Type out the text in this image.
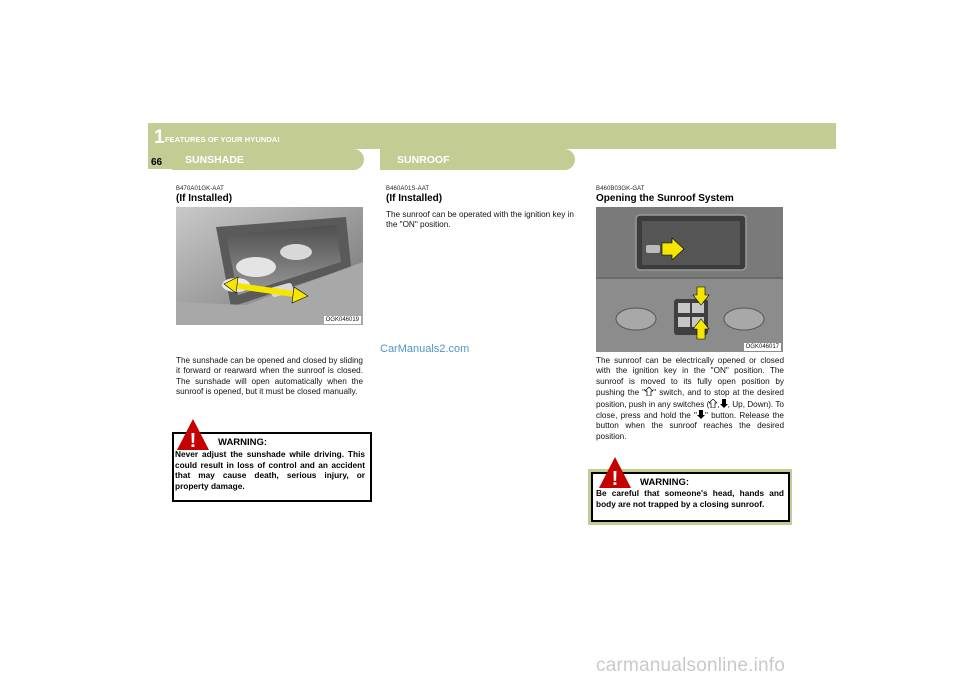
1 FEATURES OF YOUR HYUNDAI
66 SUNSHADE	SUNROOF
B470A01GK-AAT
(If Installed)
OGK046019
The sunshade can be opened and closed by sliding it forward or rearward when the sunroof is closed. The sunshade will open automatically when the sunroof is opened, but it must be closed manually.
! WARNING:
Never adjust the sunshade while driving. This could result in loss of control and an accident that may cause death, serious injury, or property damage.
B460A01S-AAT
(If Installed)
The sunroof can be operated with the ignition key in the "ON" position.
CarManuals2.com
B460B03GK-GAT
Opening the Sunroof System
OGK046017
The sunroof can be electrically opened or closed with the ignition key in the "ON" position. The sunroof is moved to its fully open position by pushing the " " switch, and to stop at the desired position, push in any switches ( , , Up, Down). To close, press and hold the " " button. Release the button when the sunroof reaches the desired position.
! WARNING:
Be careful that someone's head, hands and body are not trapped by a closing sunroof.
carmanualsonline.info
